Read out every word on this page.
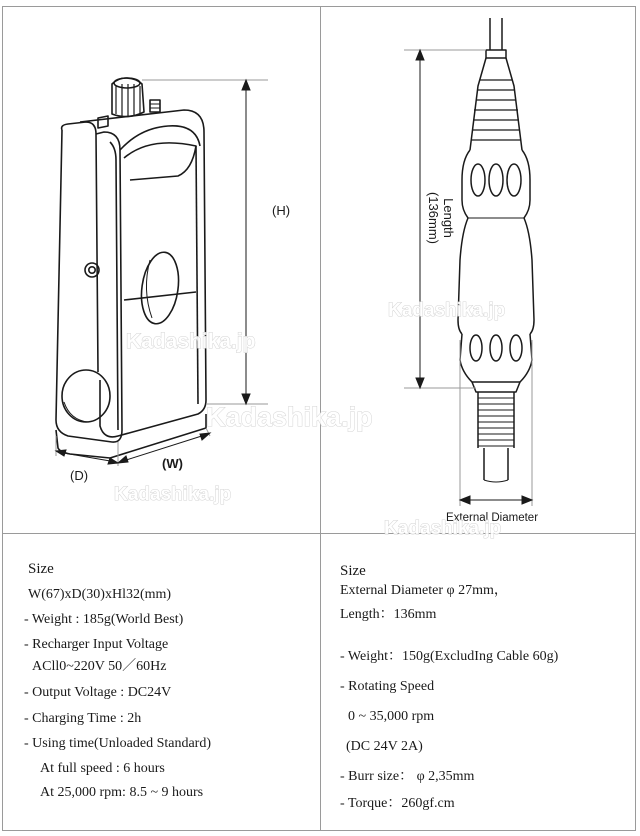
(H)
(D)
(W)
Length
(136mm)
External Diameter
Kadashika.jp
Kadashika.jp
Kadashika.jp
Kadashika.jp
Kadashika.jp
Size
W(67)xD(30)xHl32(mm)
- Weight : 185g(World Best)
- Recharger Input Voltage
ACll0~220V 50／60Hz
- Output Voltage : DC24V
- Charging Time : 2h
- Using time(Unloaded Standard)
At full speed : 6 hours
At 25,000 rpm: 8.5 ~ 9 hours
Size
External Diameter φ 27mm，
Length：136mm
- Weight：150g(ExcludIng Cable 60g)
- Rotating Speed
0 ~ 35,000 rpm
(DC 24V 2A)
- Burr size： φ 2,35mm
- Torque：260gf.cm
